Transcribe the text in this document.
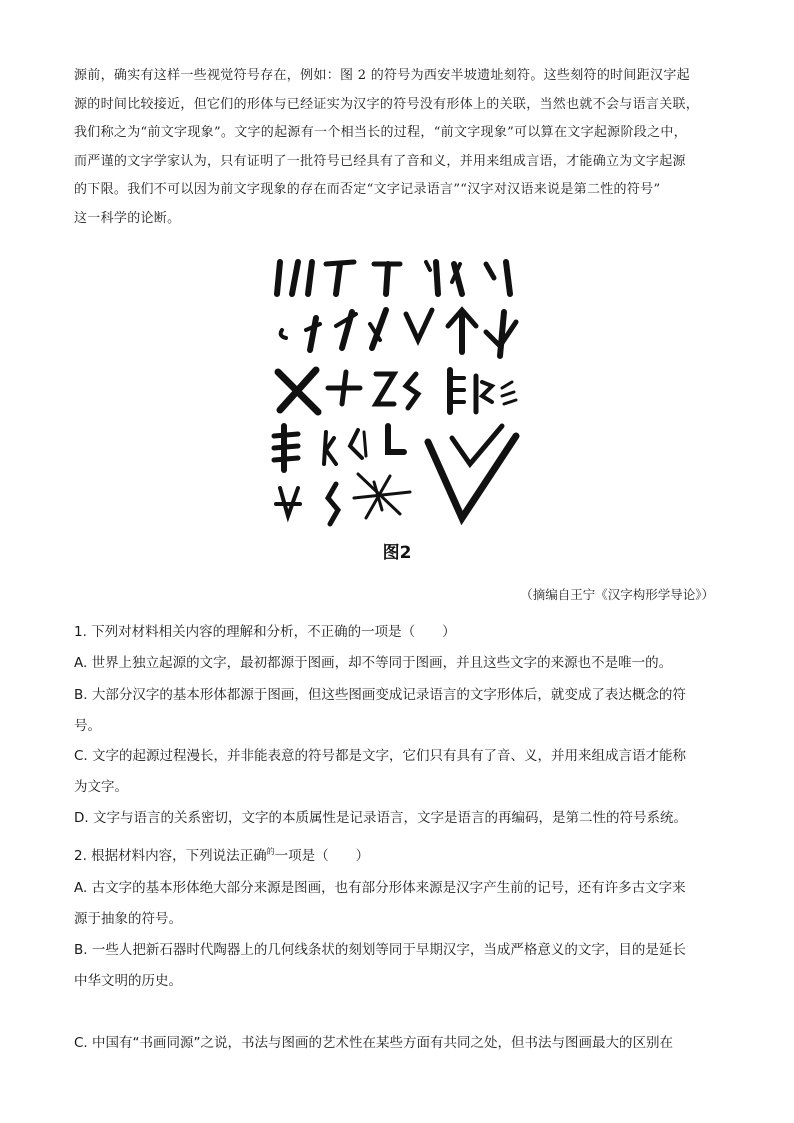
源前，确实有这样一些视觉符号存在，例如：图 2 的符号为西安半坡遗址刻符。这些刻符的时间距汉字起
源的时间比较接近，但它们的形体与已经证实为汉字的符号没有形体上的关联，当然也就不会与语言关联，
我们称之为“前文字现象”。文字的起源有一个相当长的过程，“前文字现象”可以算在文字起源阶段之中，
而严谨的文字学家认为，只有证明了一批符号已经具有了音和义，并用来组成言语，才能确立为文字起源
的下限。我们不可以因为前文字现象的存在而否定“文字记录语言”“汉字对汉语来说是第二性的符号”
这一科学的论断。
图2
（摘编自王宁《汉字构形学导论》）
1. 下列对材料相关内容的理解和分析，不正确的一项是（　　）
A. 世界上独立起源的文字，最初都源于图画，却不等同于图画，并且这些文字的来源也不是唯一的。
B. 大部分汉字的基本形体都源于图画，但这些图画变成记录语言的文字形体后，就变成了表达概念的符
号。
C. 文字的起源过程漫长，并非能表意的符号都是文字，它们只有具有了音、义，并用来组成言语才能称
为文字。
D. 文字与语言的关系密切，文字的本质属性是记录语言，文字是语言的再编码，是第二性的符号系统。
2. 根据材料内容，下列说法正确$^的$一项是（　　）
A. 古文字的基本形体绝大部分来源是图画，也有部分形体来源是汉字产生前的记号，还有许多古文字来
源于抽象的符号。
B. 一些人把新石器时代陶器上的几何线条状的刻划等同于早期汉字，当成严格意义的文字，目的是延长
中华文明的历史。
C. 中国有“书画同源”之说，书法与图画的艺术性在某些方面有共同之处，但书法与图画最大的区别在
